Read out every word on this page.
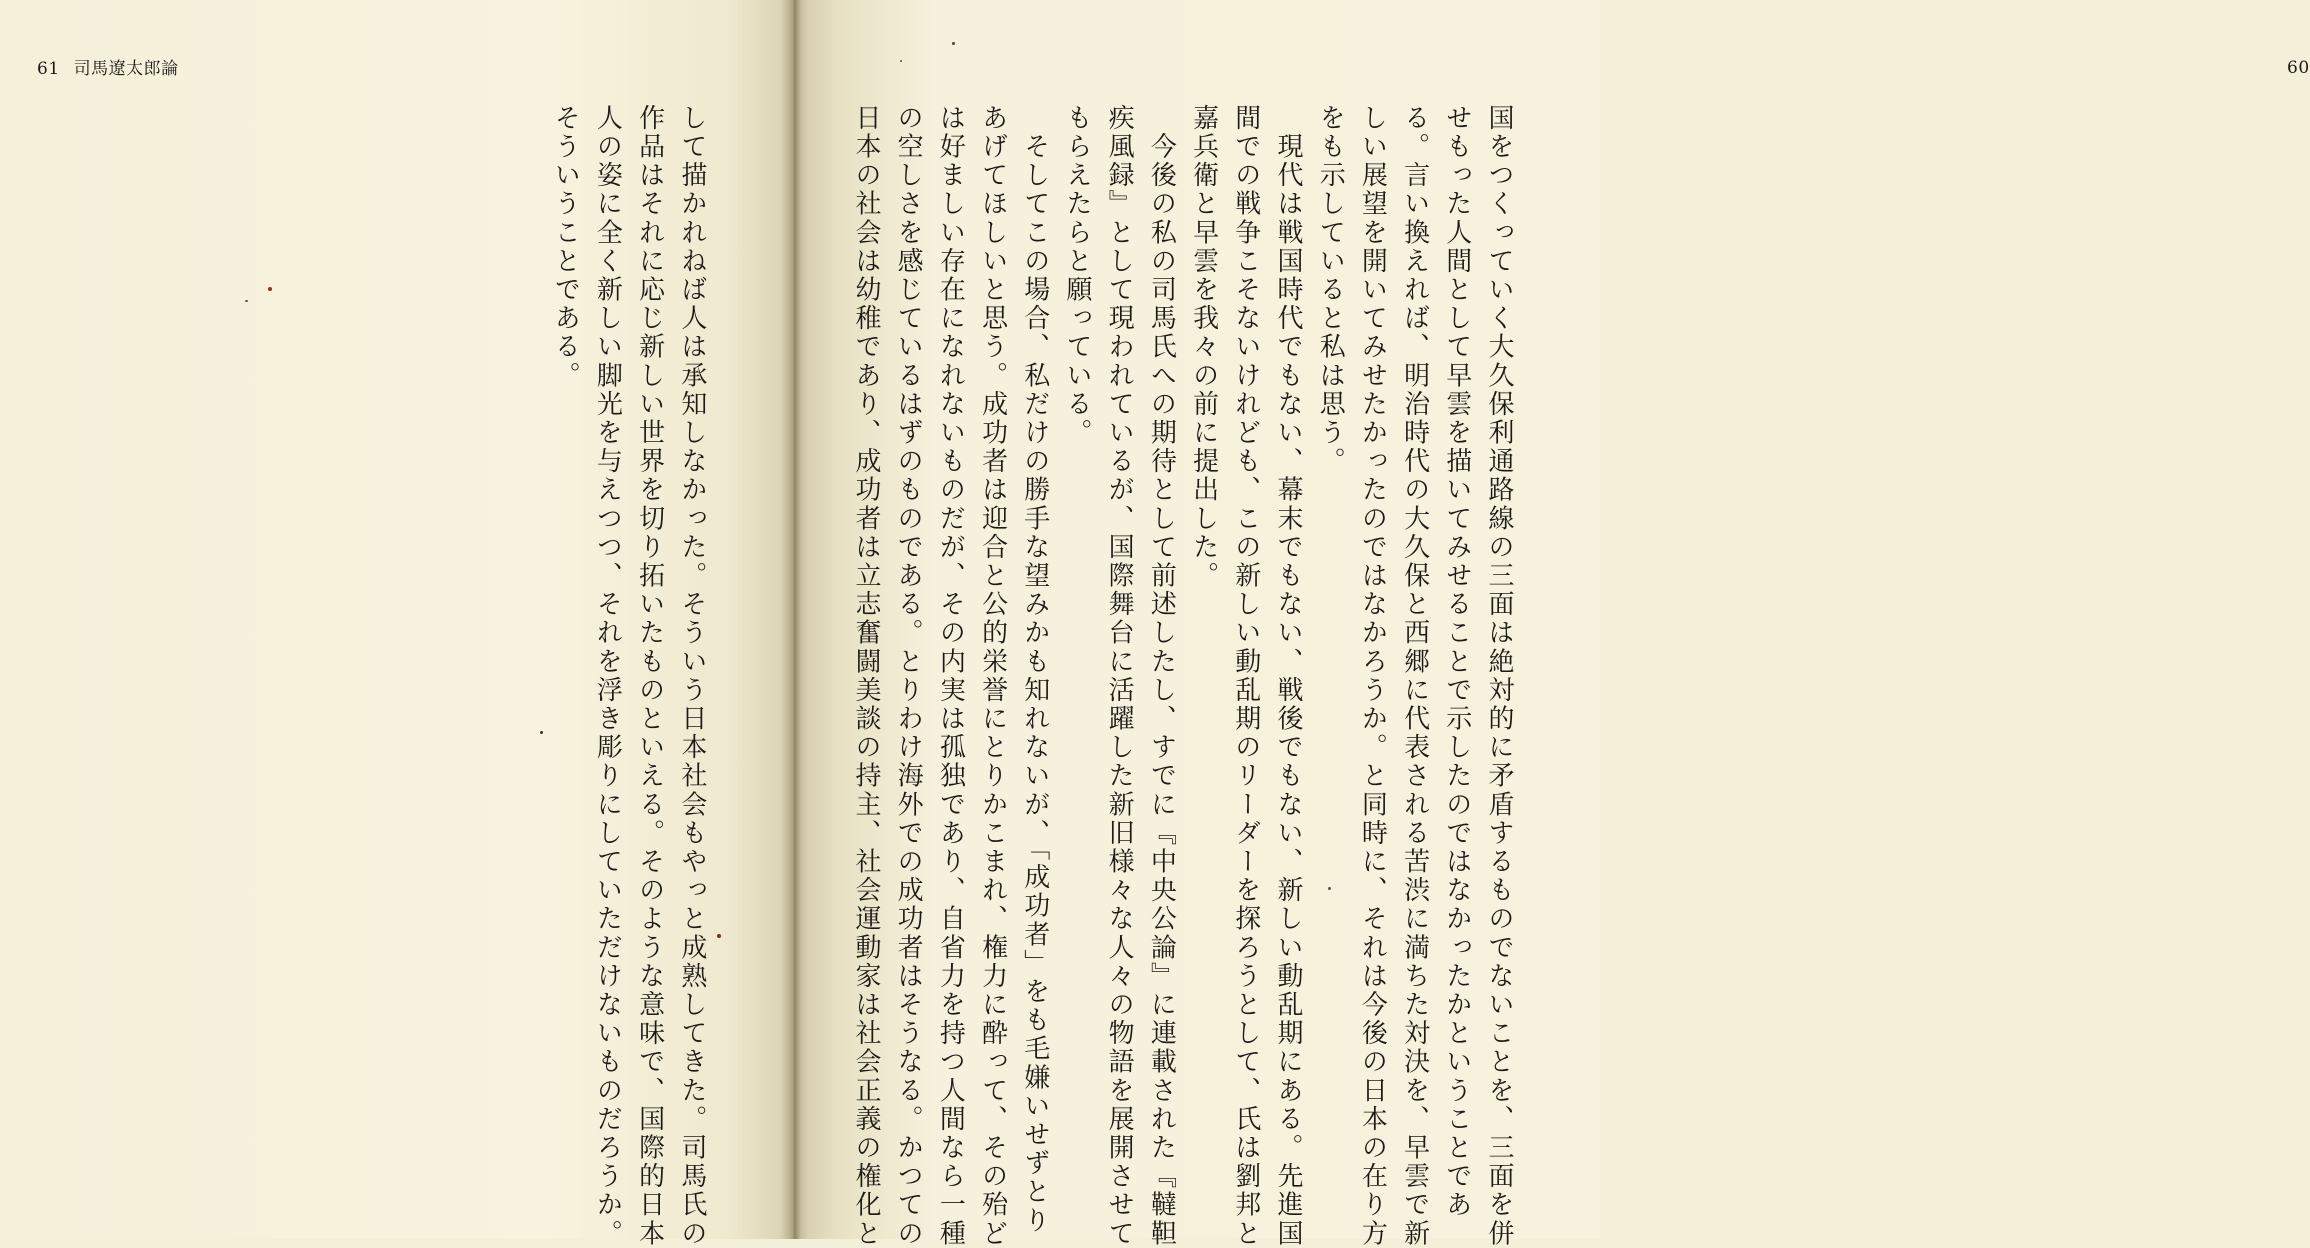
61 司馬遼太郎論

して描かれねば人は承知しなかった。そういう日本社会もやっと成熟してきた。司馬氏の
作品はそれに応じ新しい世界を切り拓いたものといえる。そのような意味で、国際的日本
人の姿に全く新しい脚光を与えつつ、それを浮き彫りにしていただけないものだろうか。
そういうことである。

60

国をつくっていく大久保利通路線の三面は絶対的に矛盾するものでないことを、三面を併
せもった人間として早雲を描いてみせることで示したのではなかったかということであ
る。言い換えれば、明治時代の大久保と西郷に代表される苦渋に満ちた対決を、早雲で新
しい展望を開いてみせたかったのではなかろうか。と同時に、それは今後の日本の在り方
をも示していると私は思う。
　現代は戦国時代でもない、幕末でもない、戦後でもない、新しい動乱期にある。先進国
間での戦争こそないけれども、この新しい動乱期のリーダーを探ろうとして、氏は劉邦と
嘉兵衛と早雲を我々の前に提出した。
　今後の私の司馬氏への期待として前述したし、すでに『中央公論』に連載された『韃靼
疾風録』として現われているが、国際舞台に活躍した新旧様々な人々の物語を展開させて
もらえたらと願っている。
　そしてこの場合、私だけの勝手な望みかも知れないが、「成功者」をも毛嫌いせずとり
あげてほしいと思う。成功者は迎合と公的栄誉にとりかこまれ、権力に酔って、その殆ど
は好ましい存在になれないものだが、その内実は孤独であり、自省力を持つ人間なら一種
の空しさを感じているはずのものである。とりわけ海外での成功者はそうなる。かつての
日本の社会は幼稚であり、成功者は立志奮闘美談の持主、社会運動家は社会正義の権化と
